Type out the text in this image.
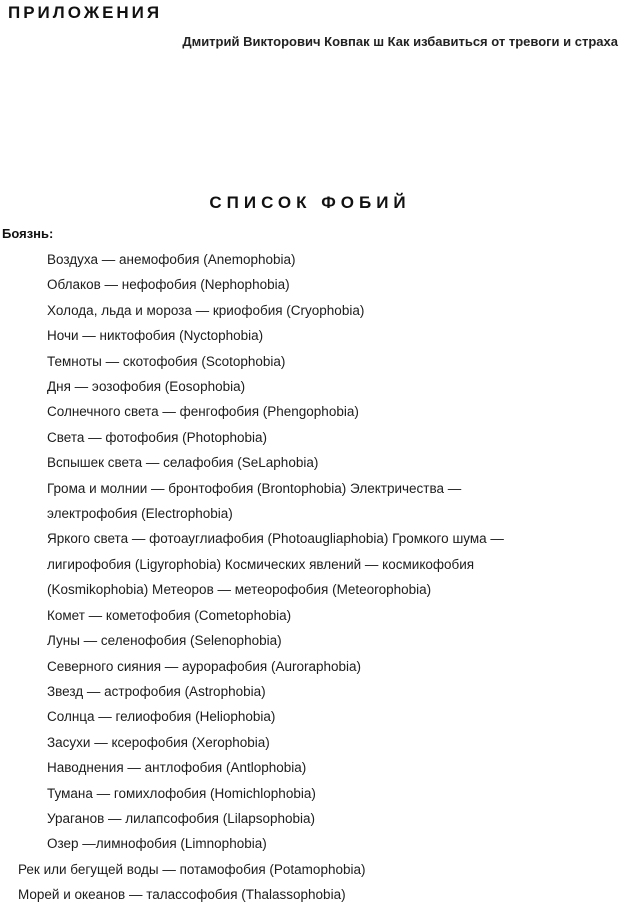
ПРИЛОЖЕНИЯ
Дмитрий Викторович Ковпак ш Как избавиться от тревоги и страха
СПИСОК ФОБИЙ
Боязнь:
Воздуха — анемофобия (Anemophobia)
Облаков — нефофобия (Nephophobia)
Холода, льда и мороза — криофобия (Cryophobia)
Ночи — никтофобия (Nyctophobia)
Темноты — скотофобия (Scotophobia)
Дня — эозофобия (Eosophobia)
Солнечного света — фенгофобия (Phengophobia)
Света — фотофобия (Photophobia)
Вспышек света — селафобия (SeLaphobia)
Грома и молнии — бронтофобия (Brontophobia) Электричества —
электрофобия (Electrophobia)
Яркого света — фотоауглиафобия (Photoaugliaphobia) Громкого шума —
лигирофобия (Ligyrophobia) Космических явлений — космикофобия
(Kosmikophobia) Метеоров — метеорофобия (Meteorophobia)
Комет — кометофобия (Cometophobia)
Луны — селенофобия (Selenophobia)
Северного сияния — аурорафобия (Auroraphobia)
Звезд — астрофобия (Astrophobia)
Солнца — гелиофобия (Heliophobia)
Засухи — ксерофобия (Xerophobia)
Наводнения — антлофобия (Antlophobia)
Тумана — гомихлофобия (Homichlophobia)
Ураганов — лилапсофобия (Lilapsophobia)
Озер —лимнофобия (Limnophobia)
Рек или бегущей воды — потамофобия (Potamophobia)
Морей и океанов — талассофобия (Thalassophobia)
